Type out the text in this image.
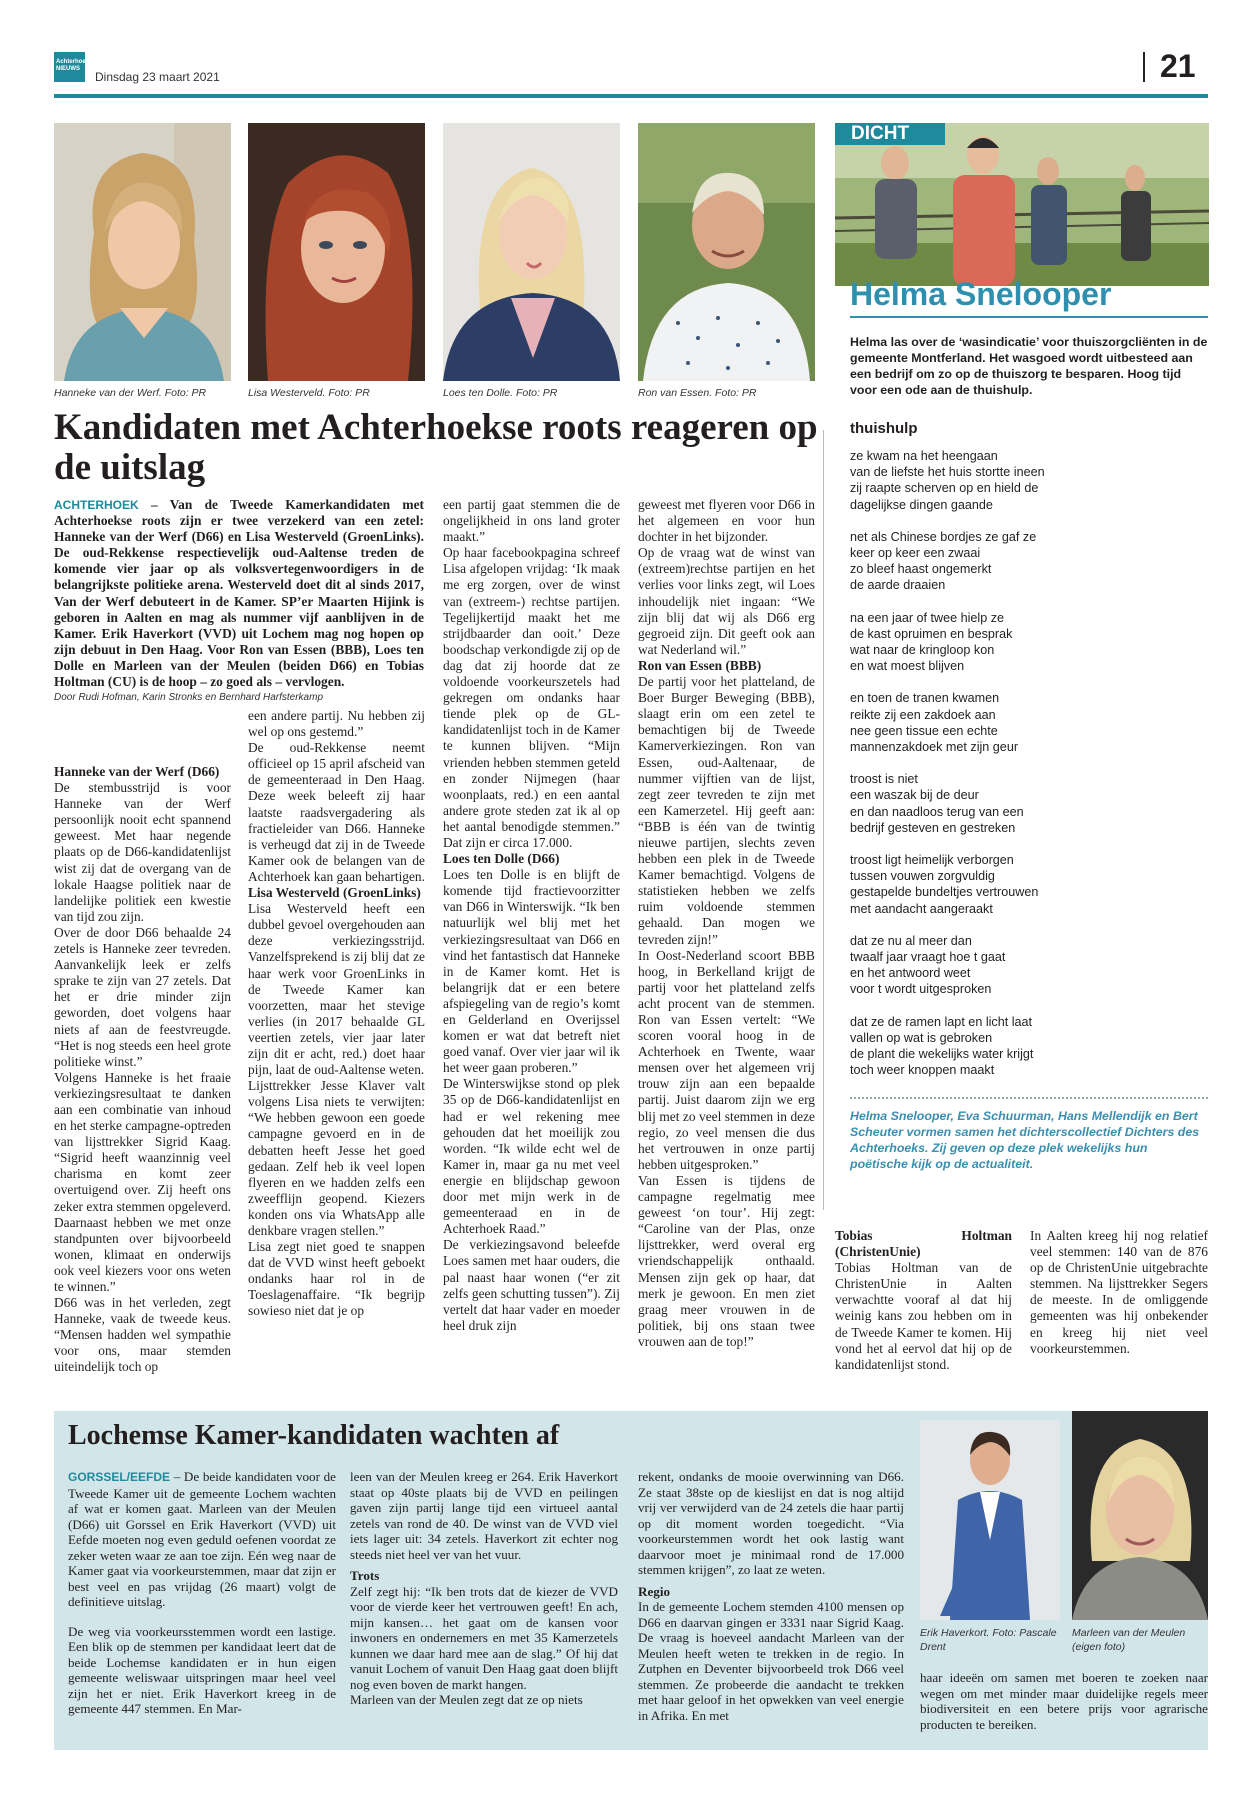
Achterhoek NIEUWS
Dinsdag 23 maart 2021	21
Hanneke van der Werf. Foto: PR	Lisa Westerveld. Foto: PR	Loes ten Dolle. Foto: PR	Ron van Essen. Foto: PR
Kandidaten met Achterhoekse roots reageren op de uitslag

ACHTERHOEK – Van de Tweede Kamerkandidaten met Achterhoekse roots zijn er twee verzekerd van een zetel: Hanneke van der Werf (D66) en Lisa Westerveld (GroenLinks). De oud-Rekkense respectievelijk oud-Aaltense treden de komende vier jaar op als volksvertegenwoordigers in de belangrijkste politieke arena. Westerveld doet dit al sinds 2017, Van der Werf debuteert in de Kamer. SP’er Maarten Hijink is geboren in Aalten en mag als nummer vijf aanblijven in de Kamer. Erik Haverkort (VVD) uit Lochem mag nog hopen op zijn debuut in Den Haag. Voor Ron van Essen (BBB), Loes ten Dolle en Marleen van der Meulen (beiden D66) en Tobias Holtman (CU) is de hoop – zo goed als – vervlogen.

Door Rudi Hofman, Karin Stronks en Bernhard Harfsterkamp

Hanneke van der Werf (D66)

De stembusstrijd is voor Hanneke van der Werf persoonlijk nooit echt spannend geweest. Met haar negende plaats op de D66-kandidatenlijst wist zij dat de overgang van de lokale Haagse politiek naar de landelijke politiek een kwestie van tijd zou zijn.

Over de door D66 behaalde 24 zetels is Hanneke zeer tevreden. Aanvankelijk leek er zelfs sprake te zijn van 27 zetels. Dat het er drie minder zijn geworden, doet volgens haar niets af aan de feestvreugde. “Het is nog steeds een heel grote politieke winst.”

Volgens Hanneke is het fraaie verkiezingsresultaat te danken aan een combinatie van inhoud en het sterke campagne-optreden van lijsttrekker Sigrid Kaag. “Sigrid heeft waanzinnig veel charisma en komt zeer overtuigend over. Zij heeft ons zeker extra stemmen opgeleverd. Daarnaast hebben we met onze standpunten over bijvoorbeeld wonen, klimaat en onderwijs ook veel kiezers voor ons weten te winnen.”

D66 was in het verleden, zegt Hanneke, vaak de tweede keus. “Mensen hadden wel sympathie voor ons, maar stemden uiteindelijk toch op

een andere partij. Nu hebben zij wel op ons gestemd.”

De oud-Rekkense neemt officieel op 15 april afscheid van de gemeenteraad in Den Haag. Deze week beleeft zij haar laatste raadsvergadering als fractieleider van D66. Hanneke is verheugd dat zij in de Tweede Kamer ook de belangen van de Achterhoek kan gaan behartigen.

Lisa Westerveld (GroenLinks)

Lisa Westerveld heeft een dubbel gevoel overgehouden aan deze verkiezingsstrijd. Vanzelfsprekend is zij blij dat ze haar werk voor GroenLinks in de Tweede Kamer kan voorzetten, maar het stevige verlies (in 2017 behaalde GL veertien zetels, vier jaar later zijn dit er acht, red.) doet haar pijn, laat de oud-Aaltense weten.

Lijsttrekker Jesse Klaver valt volgens Lisa niets te verwijten: “We hebben gewoon een goede campagne gevoerd en in de debatten heeft Jesse het goed gedaan. Zelf heb ik veel lopen flyeren en we hadden zelfs een zweefflijn geopend. Kiezers konden ons via WhatsApp alle denkbare vragen stellen.”

Lisa zegt niet goed te snappen dat de VVD winst heeft geboekt ondanks haar rol in de Toeslagenaffaire. “Ik begrijp sowieso niet dat je op

een partij gaat stemmen die de ongelijkheid in ons land groter maakt.”

Op haar facebookpagina schreef Lisa afgelopen vrijdag: ‘Ik maak me erg zorgen, over de winst van (extreem-) rechtse partijen. Tegelijkertijd maakt het me strijdbaarder dan ooit.’ Deze boodschap verkondigde zij op de dag dat zij hoorde dat ze voldoende voorkeurszetels had gekregen om ondanks haar tiende plek op de GL-kandidatenlijst toch in de Kamer te kunnen blijven. “Mijn vrienden hebben stemmen geteld en zonder Nijmegen (haar woonplaats, red.) en een aantal andere grote steden zat ik al op het aantal benodigde stemmen.” Dat zijn er circa 17.000.

Loes ten Dolle (D66)

Loes ten Dolle is en blijft de komende tijd fractievoorzitter van D66 in Winterswijk. “Ik ben natuurlijk wel blij met het verkiezingsresultaat van D66 en vind het fantastisch dat Hanneke in de Kamer komt. Het is belangrijk dat er een betere afspiegeling van de regio’s komt en Gelderland en Overijssel komen er wat dat betreft niet goed vanaf. Over vier jaar wil ik het weer gaan proberen.”

De Winterswijkse stond op plek 35 op de D66-kandidatenlijst en had er wel rekening mee gehouden dat het moeilijk zou worden. “Ik wilde echt wel de Kamer in, maar ga nu met veel energie en blijdschap gewoon door met mijn werk in de gemeenteraad en in de Achterhoek Raad.”

De verkiezingsavond beleefde Loes samen met haar ouders, die pal naast haar wonen (“er zit zelfs geen schutting tussen”). Zij vertelt dat haar vader en moeder heel druk zijn

geweest met flyeren voor D66 in het algemeen en voor hun dochter in het bijzonder.

Op de vraag wat de winst van (extreem)rechtse partijen en het verlies voor links zegt, wil Loes inhoudelijk niet ingaan: “We zijn blij dat wij als D66 erg gegroeid zijn. Dit geeft ook aan wat Nederland wil.”

Ron van Essen (BBB)

De partij voor het platteland, de Boer Burger Beweging (BBB), slaagt erin om een zetel te bemachtigen bij de Tweede Kamerverkiezingen. Ron van Essen, oud-Aaltenaar, de nummer vijftien van de lijst, zegt zeer tevreden te zijn met een Kamerzetel. Hij geeft aan: “BBB is één van de twintig nieuwe partijen, slechts zeven hebben een plek in de Tweede Kamer bemachtigd. Volgens de statistieken hebben we zelfs ruim voldoende stemmen gehaald. Dan mogen we tevreden zijn!”

In Oost-Nederland scoort BBB hoog, in Berkelland krijgt de partij voor het platteland zelfs acht procent van de stemmen. Ron van Essen vertelt: “We scoren vooral hoog in de Achterhoek en Twente, waar mensen over het algemeen vrij trouw zijn aan een bepaalde partij. Juist daarom zijn we erg blij met zo veel stemmen in deze regio, zo veel mensen die dus het vertrouwen in onze partij hebben uitgesproken.”

Van Essen is tijdens de campagne regelmatig mee geweest ‘on tour’. Hij zegt: “Caroline van der Plas, onze lijsttrekker, werd overal erg vriendschappelijk onthaald. Mensen zijn gek op haar, dat merk je gewoon. En men ziet graag meer vrouwen in de politiek, bij ons staan twee vrouwen aan de top!”

Tobias Holtman (ChristenUnie)

Tobias Holtman van de ChristenUnie in Aalten verwachtte vooraf al dat hij weinig kans zou hebben om in de Tweede Kamer te komen. Hij vond het al eervol dat hij op de kandidatenlijst stond.

In Aalten kreeg hij nog relatief veel stemmen: 140 van de 876 op de ChristenUnie uitgebrachte stemmen. Na lijsttrekker Segers de meeste. In de omliggende gemeenten was hij onbekender en kreeg hij niet veel voorkeurstemmen.

DICHT
Helma Snelooper
Helma las over de ‘wasindicatie’ voor thuiszorgcliënten in de gemeente Montferland. Het wasgoed wordt uitbesteed aan een bedrijf om zo op de thuiszorg te besparen. Hoog tijd voor een ode aan de thuishulp.
thuishulp
ze kwam na het heengaan
van de liefste het huis stortte ineen
zij raapte scherven op en hield de
dagelijkse dingen gaande
net als Chinese bordjes ze gaf ze
keer op keer een zwaai
zo bleef haast ongemerkt
de aarde draaien
na een jaar of twee hielp ze
de kast opruimen en besprak
wat naar de kringloop kon
en wat moest blijven
en toen de tranen kwamen
reikte zij een zakdoek aan
nee geen tissue een echte
mannenzakdoek met zijn geur
troost is niet
een waszak bij de deur
en dan naadloos terug van een
bedrijf gesteven en gestreken
troost ligt heimelijk verborgen
tussen vouwen zorgvuldig
gestapelde bundeltjes vertrouwen
met aandacht aangeraakt
dat ze nu al meer dan
twaalf jaar vraagt hoe t gaat
en het antwoord weet
voor t wordt uitgesproken
dat ze de ramen lapt en licht laat
vallen op wat is gebroken
de plant die wekelijks water krijgt
toch weer knoppen maakt
Helma Snelooper, Eva Schuurman, Hans Mellendijk en Bert Scheuter vormen samen het dichterscollectief Dichters des Achterhoeks. Zij geven op deze plek wekelijks hun poëtische kijk op de actualiteit.
Lochemse Kamer-kandidaten wachten af

GORSSEL/EEFDE – De beide kandidaten voor de Tweede Kamer uit de gemeente Lochem wachten af wat er komen gaat. Marleen van der Meulen (D66) uit Gorssel en Erik Haverkort (VVD) uit Eefde moeten nog even geduld oefenen voordat ze zeker weten waar ze aan toe zijn. Eén weg naar de Kamer gaat via voorkeurstemmen, maar dat zijn er best veel en pas vrijdag (26 maart) volgt de definitieve uitslag.

De weg via voorkeursstemmen wordt een lastige. Een blik op de stemmen per kandidaat leert dat de beide Lochemse kandidaten er in hun eigen gemeente weliswaar uitspringen maar heel veel zijn het er niet. Erik Haverkort kreeg in de gemeente 447 stemmen. En Mar-

leen van der Meulen kreeg er 264. Erik Haverkort staat op 40ste plaats bij de VVD en peilingen gaven zijn partij lange tijd een virtueel aantal zetels van rond de 40. De winst van de VVD viel iets lager uit: 34 zetels. Haverkort zit echter nog steeds niet heel ver van het vuur.

Trots

Zelf zegt hij: “Ik ben trots dat de kiezer de VVD voor de vierde keer het vertrouwen geeft! En ach, mijn kansen… het gaat om de kansen voor inwoners en ondernemers en met 35 Kamerzetels kunnen we daar hard mee aan de slag.” Of hij dat vanuit Lochem of vanuit Den Haag gaat doen blijft nog even boven de markt hangen.

Marleen van der Meulen zegt dat ze op niets

rekent, ondanks de mooie overwinning van D66. Ze staat 38ste op de kieslijst en dat is nog altijd vrij ver verwijderd van de 24 zetels die haar partij op dit moment worden toegedicht. “Via voorkeurstemmen wordt het ook lastig want daarvoor moet je minimaal rond de 17.000 stemmen krijgen”, zo laat ze weten.

Regio

In de gemeente Lochem stemden 4100 mensen op D66 en daarvan gingen er 3331 naar Sigrid Kaag. De vraag is hoeveel aandacht Marleen van der Meulen heeft weten te trekken in de regio. In Zutphen en Deventer bijvoorbeeld trok D66 veel stemmen. Ze probeerde die aandacht te trekken met haar geloof in het opwekken van veel energie in Afrika. En met

Erik Haverkort. Foto: Pascale Drent
Marleen van der Meulen (eigen foto)

haar ideeën om samen met boeren te zoeken naar wegen om met minder maar duidelijke regels meer biodiversiteit en een betere prijs voor agrarische producten te bereiken.
